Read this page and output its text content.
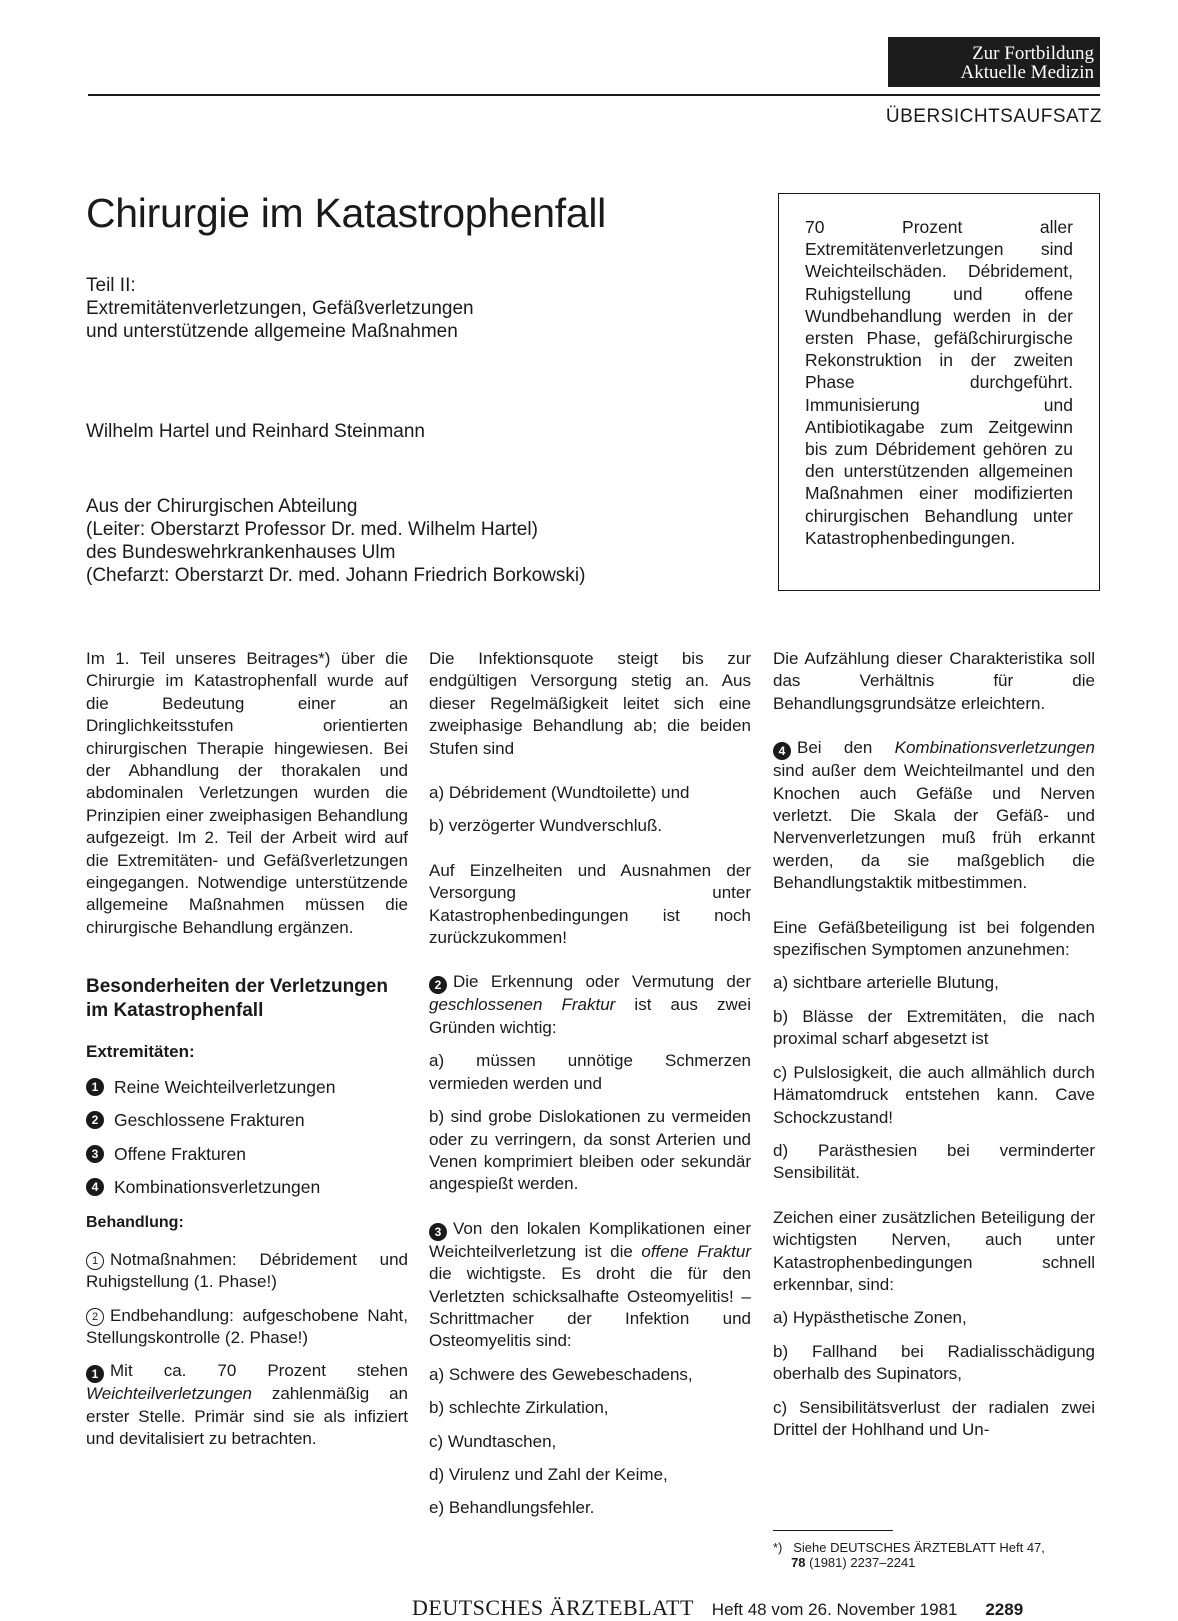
Zur Fortbildung
Aktuelle Medizin
ÜBERSICHTSAUFSATZ
Chirurgie im Katastrophenfall
Teil II:
Extremitätenverletzungen, Gefäßverletzungen
und unterstützende allgemeine Maßnahmen
Wilhelm Hartel und Reinhard Steinmann
Aus der Chirurgischen Abteilung
(Leiter: Oberstarzt Professor Dr. med. Wilhelm Hartel)
des Bundeswehrkrankenhauses Ulm
(Chefarzt: Oberstarzt Dr. med. Johann Friedrich Borkowski)
70 Prozent aller Extremitätenverletzungen sind Weichteilschäden. Débridement, Ruhigstellung und offene Wundbehandlung werden in der ersten Phase, gefäßchirurgische Rekonstruktion in der zweiten Phase durchgeführt. Immunisierung und Antibiotikagabe zum Zeitgewinn bis zum Débridement gehören zu den unterstützenden allgemeinen Maßnahmen einer modifizierten chirurgischen Behandlung unter Katastrophenbedingungen.

Im 1. Teil unseres Beitrages*) über die Chirurgie im Katastrophenfall wurde auf die Bedeutung einer an Dringlichkeitsstufen orientierten chirurgischen Therapie hingewiesen. Bei der Abhandlung der thorakalen und abdominalen Verletzungen wurden die Prinzipien einer zweiphasigen Behandlung aufgezeigt. Im 2. Teil der Arbeit wird auf die Extremitäten- und Gefäßverletzungen eingegangen. Notwendige unterstützende allgemeine Maßnahmen müssen die chirurgische Behandlung ergänzen.

Besonderheiten der Verletzungen im Katastrophenfall
Extremitäten:
1 Reine Weichteilverletzungen
2 Geschlossene Frakturen
3 Offene Frakturen
4 Kombinationsverletzungen
Behandlung:

1 Notmaßnahmen: Débridement und Ruhigstellung (1. Phase!)

2 Endbehandlung: aufgeschobene Naht, Stellungskontrolle (2. Phase!)

1 Mit ca. 70 Prozent stehen Weichteilverletzungen zahlenmäßig an erster Stelle. Primär sind sie als infiziert und devitalisiert zu betrachten.

Die Infektionsquote steigt bis zur endgültigen Versorgung stetig an. Aus dieser Regelmäßigkeit leitet sich eine zweiphasige Behandlung ab; die beiden Stufen sind

a) Débridement (Wundtoilette) und

b) verzögerter Wundverschluß.

Auf Einzelheiten und Ausnahmen der Versorgung unter Katastrophenbedingungen ist noch zurückzukommen!

2 Die Erkennung oder Vermutung der geschlossenen Fraktur ist aus zwei Gründen wichtig:

a) müssen unnötige Schmerzen vermieden werden und

b) sind grobe Dislokationen zu vermeiden oder zu verringern, da sonst Arterien und Venen komprimiert bleiben oder sekundär angespießt werden.

3 Von den lokalen Komplikationen einer Weichteilverletzung ist die offene Fraktur die wichtigste. Es droht die für den Verletzten schicksalhafte Osteomyelitis! – Schrittmacher der Infektion und Osteomyelitis sind:

a) Schwere des Gewebeschadens,

b) schlechte Zirkulation,

c) Wundtaschen,

d) Virulenz und Zahl der Keime,

e) Behandlungsfehler.

Die Aufzählung dieser Charakteristika soll das Verhältnis für die Behandlungsgrundsätze erleichtern.

4 Bei den Kombinationsverletzungen sind außer dem Weichteilmantel und den Knochen auch Gefäße und Nerven verletzt. Die Skala der Gefäß- und Nervenverletzungen muß früh erkannt werden, da sie maßgeblich die Behandlungstaktik mitbestimmen.

Eine Gefäßbeteiligung ist bei folgenden spezifischen Symptomen anzunehmen:

a) sichtbare arterielle Blutung,

b) Blässe der Extremitäten, die nach proximal scharf abgesetzt ist

c) Pulslosigkeit, die auch allmählich durch Hämatomdruck entstehen kann. Cave Schockzustand!

d) Parästhesien bei verminderter Sensibilität.

Zeichen einer zusätzlichen Beteiligung der wichtigsten Nerven, auch unter Katastrophenbedingungen schnell erkennbar, sind:

a) Hypästhetische Zonen,

b) Fallhand bei Radialisschädigung oberhalb des Supinators,

c) Sensibilitätsverlust der radialen zwei Drittel der Hohlhand und Un-

*) Siehe DEUTSCHES ÄRZTEBLATT Heft 47,
78 (1981) 2237–2241
DEUTSCHES ÄRZTEBLATT Heft 48 vom 26. November 1981 2289
